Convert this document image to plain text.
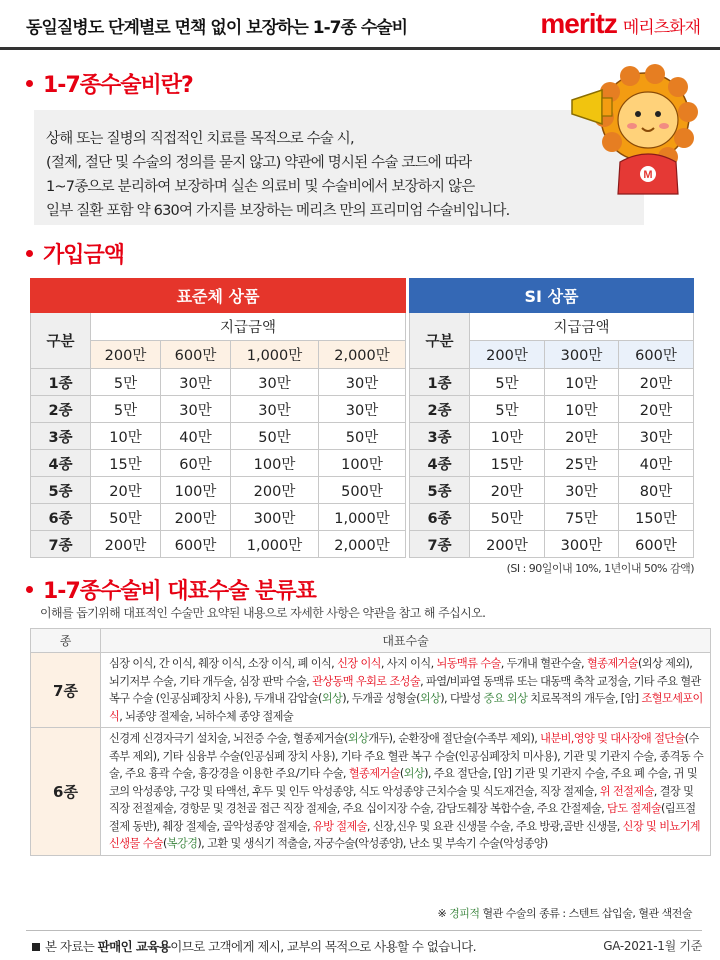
동일질병도 단계별로 면책 없이 보장하는 1-7종 수술비	meritz 메리츠화재
1-7종수술비란?
상해 또는 질병의 직접적인 치료를 목적으로 수술 시,
(절제, 절단 및 수술의 정의를 묻지 않고) 약관에 명시된 수술 코드에 따라
1~7종으로 분리하여 보장하며 실손 의료비 및 수술비에서 보장하지 않은
일부 질환 포함 약 630여 가지를 보장하는 메리츠 만의 프리미엄 수술비입니다.
M
가입금액
표준체 상품				
구분	지급금액			
	200만	600만	1,000만	2,000만
1종	5만	30만	30만	30만
2종	5만	30만	30만	30만
3종	10만	40만	50만	50만
4종	15만	60만	100만	100만
5종	20만	100만	200만	500만
6종	50만	200만	300만	1,000만
7종	200만	600만	1,000만	2,000만
SI 상품			
구분	지급금액		
	200만	300만	600만
1종	5만	10만	20만
2종	5만	10만	20만
3종	10만	20만	30만
4종	15만	25만	40만
5종	20만	30만	80만
6종	50만	75만	150만
7종	200만	300만	600만
(SI : 90일이내 10%, 1년이내 50% 감액)
1-7종수술비 대표수술 분류표
이해를 돕기위해 대표적인 수술만 요약된 내용으로 자세한 사항은 약관을 참고 해 주십시오.
종	대표수술
7종	심장 이식, 간 이식, 췌장 이식, 소장 이식, 폐 이식, 신장 이식, 사지 이식, 뇌동맥류 수술, 두개내 혈관수술, 혈종제거술(외상 제외), 뇌기저부 수술, 기타 개두술, 심장 판막 수술, 관상동맥 우회로 조성술, 파열/비파열 동맥류 또는 대동맥 축착 교정술, 기타 주요 혈관 복구 수술 (인공심폐장치 사용), 두개내 감압술(외상), 두개골 성형술(외상), 다발성 중요 외상 치료목적의 개두술, [암] 조혈모세포이식, 뇌종양 절제술, 뇌하수체 종양 절제술
6종	신경계 신경자극기 설치술, 뇌전증 수술, 혈종제거술(외상개두), 순환장애 절단술(수족부 제외), 내분비,영양 및 대사장애 절단술(수족부 제외), 기타 심융부 수술(인공심폐 장치 사용), 기타 주요 혈관 복구 수술(인공심폐장치 미사용), 기관 및 기관지 수술, 종격동 수술, 주요 흉곽 수술, 흉강경을 이용한 주요/기타 수술, 혈종제거술(외상), 주요 절단술, [암] 기관 및 기관지 수술, 주요 폐 수술, 귀 및 코의 악성종양, 구강 및 타액선, 후두 및 인두 악성종양, 식도 악성종양 근치수술 및 식도재건술, 직장 절제술, 위 전절제술, 결장 및 직장 전절제술, 경항문 및 경천골 접근 직장 절제술, 주요 십이지장 수술, 감담도췌장 복합수술, 주요 간절제술, 담도 절제술(림프절 절제 동반), 췌장 절제술, 골악성종양 절제술, 유방 절제술, 신장,신우 및 요관 신생물 수술, 주요 방광,골반 신생물, 신장 및 비뇨기계 신생물 수술(복강경), 고환 및 생식기 적출술, 자궁수술(악성종양), 난소 및 부속기 수술(악성종양)
※ 경피적 혈관 수술의 종류 : 스텐트 삽입술, 혈관 색전술
본 자료는 판매인 교육용이므로 고객에게 제시, 교부의 목적으로 사용할 수 없습니다.	GA-2021-1월 기준
